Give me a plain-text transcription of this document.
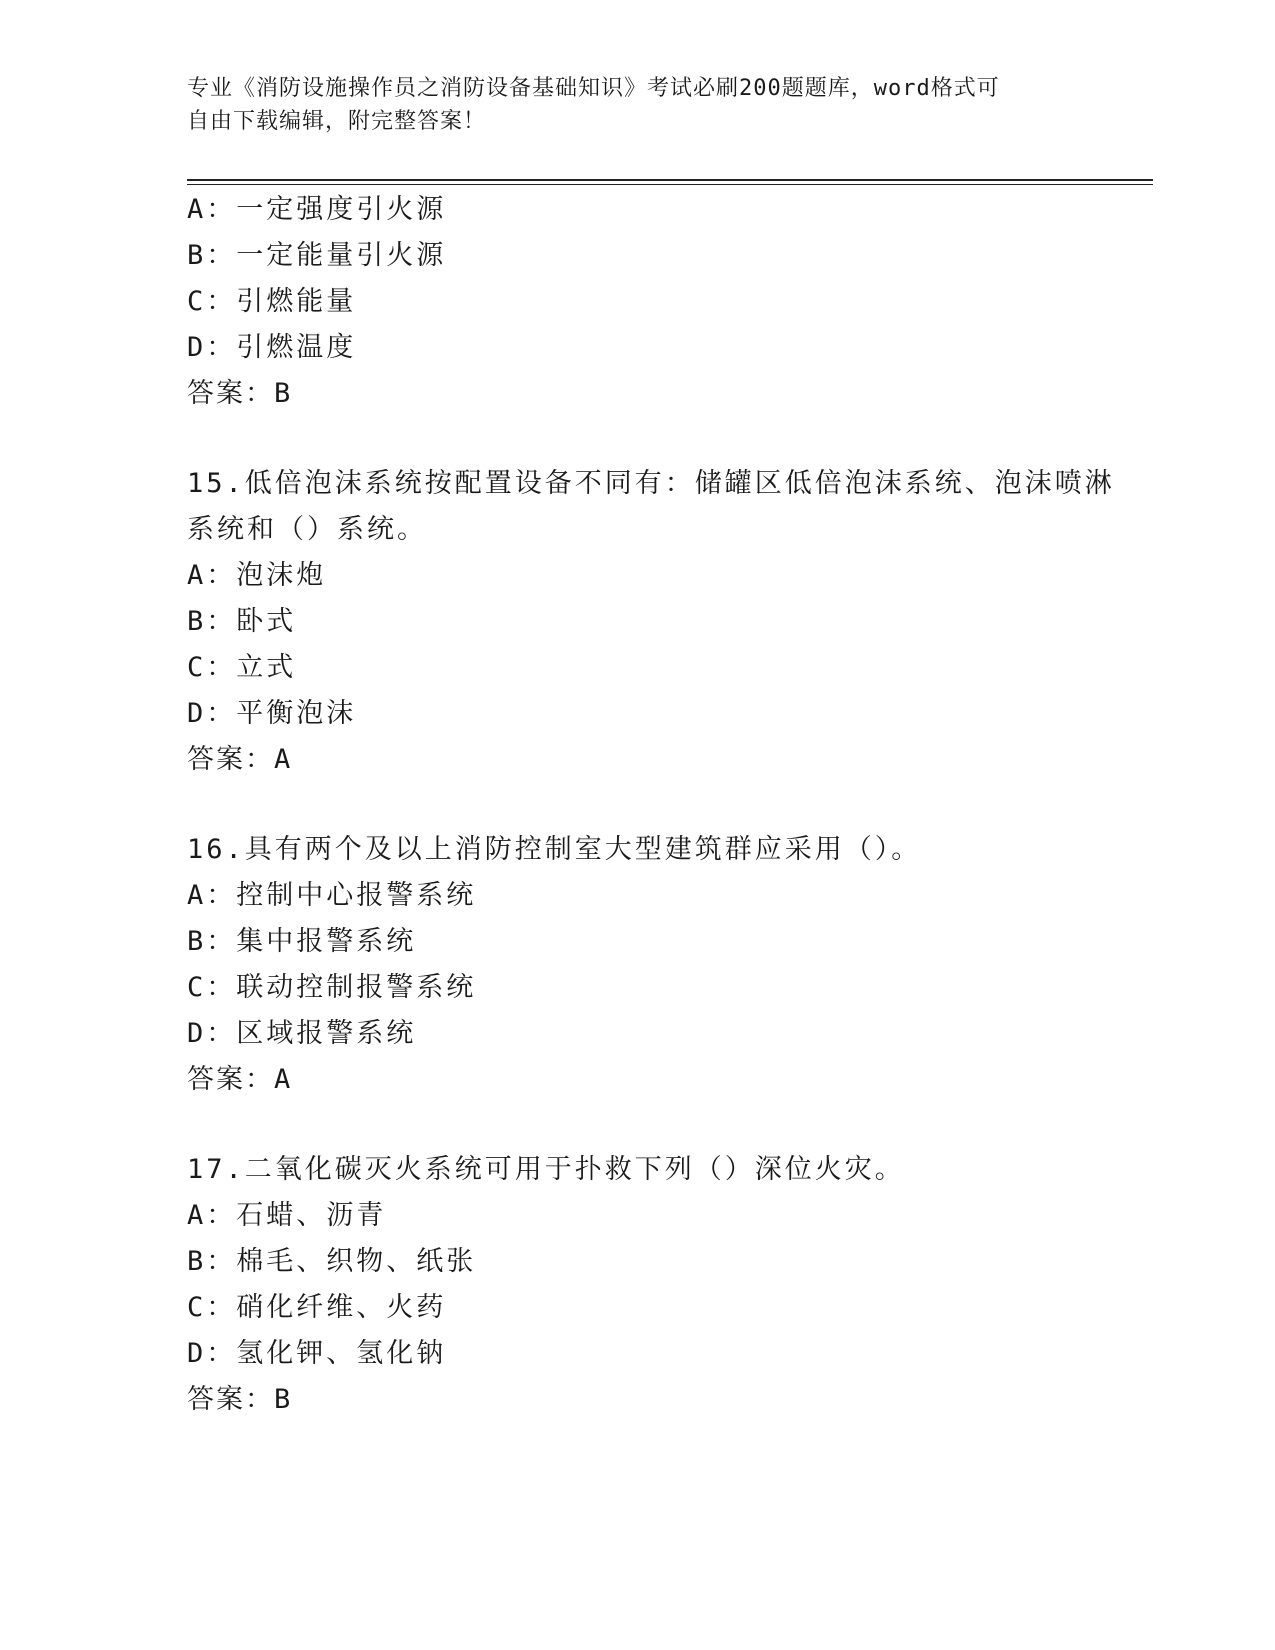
专业《消防设施操作员之消防设备基础知识》考试必刷200题题库，word格式可
自由下载编辑，附完整答案！
A：一定强度引火源
B：一定能量引火源
C：引燃能量
D：引燃温度
答案：B
15.低倍泡沫系统按配置设备不同有：储罐区低倍泡沫系统、泡沫喷淋
系统和（）系统。
A：泡沫炮
B：卧式
C：立式
D：平衡泡沫
答案：A
16.具有两个及以上消防控制室大型建筑群应采用（）。
A：控制中心报警系统
B：集中报警系统
C：联动控制报警系统
D：区域报警系统
答案：A
17.二氧化碳灭火系统可用于扑救下列（）深位火灾。
A：石蜡、沥青
B：棉毛、织物、纸张
C：硝化纤维、火药
D：氢化钾、氢化钠
答案：B
